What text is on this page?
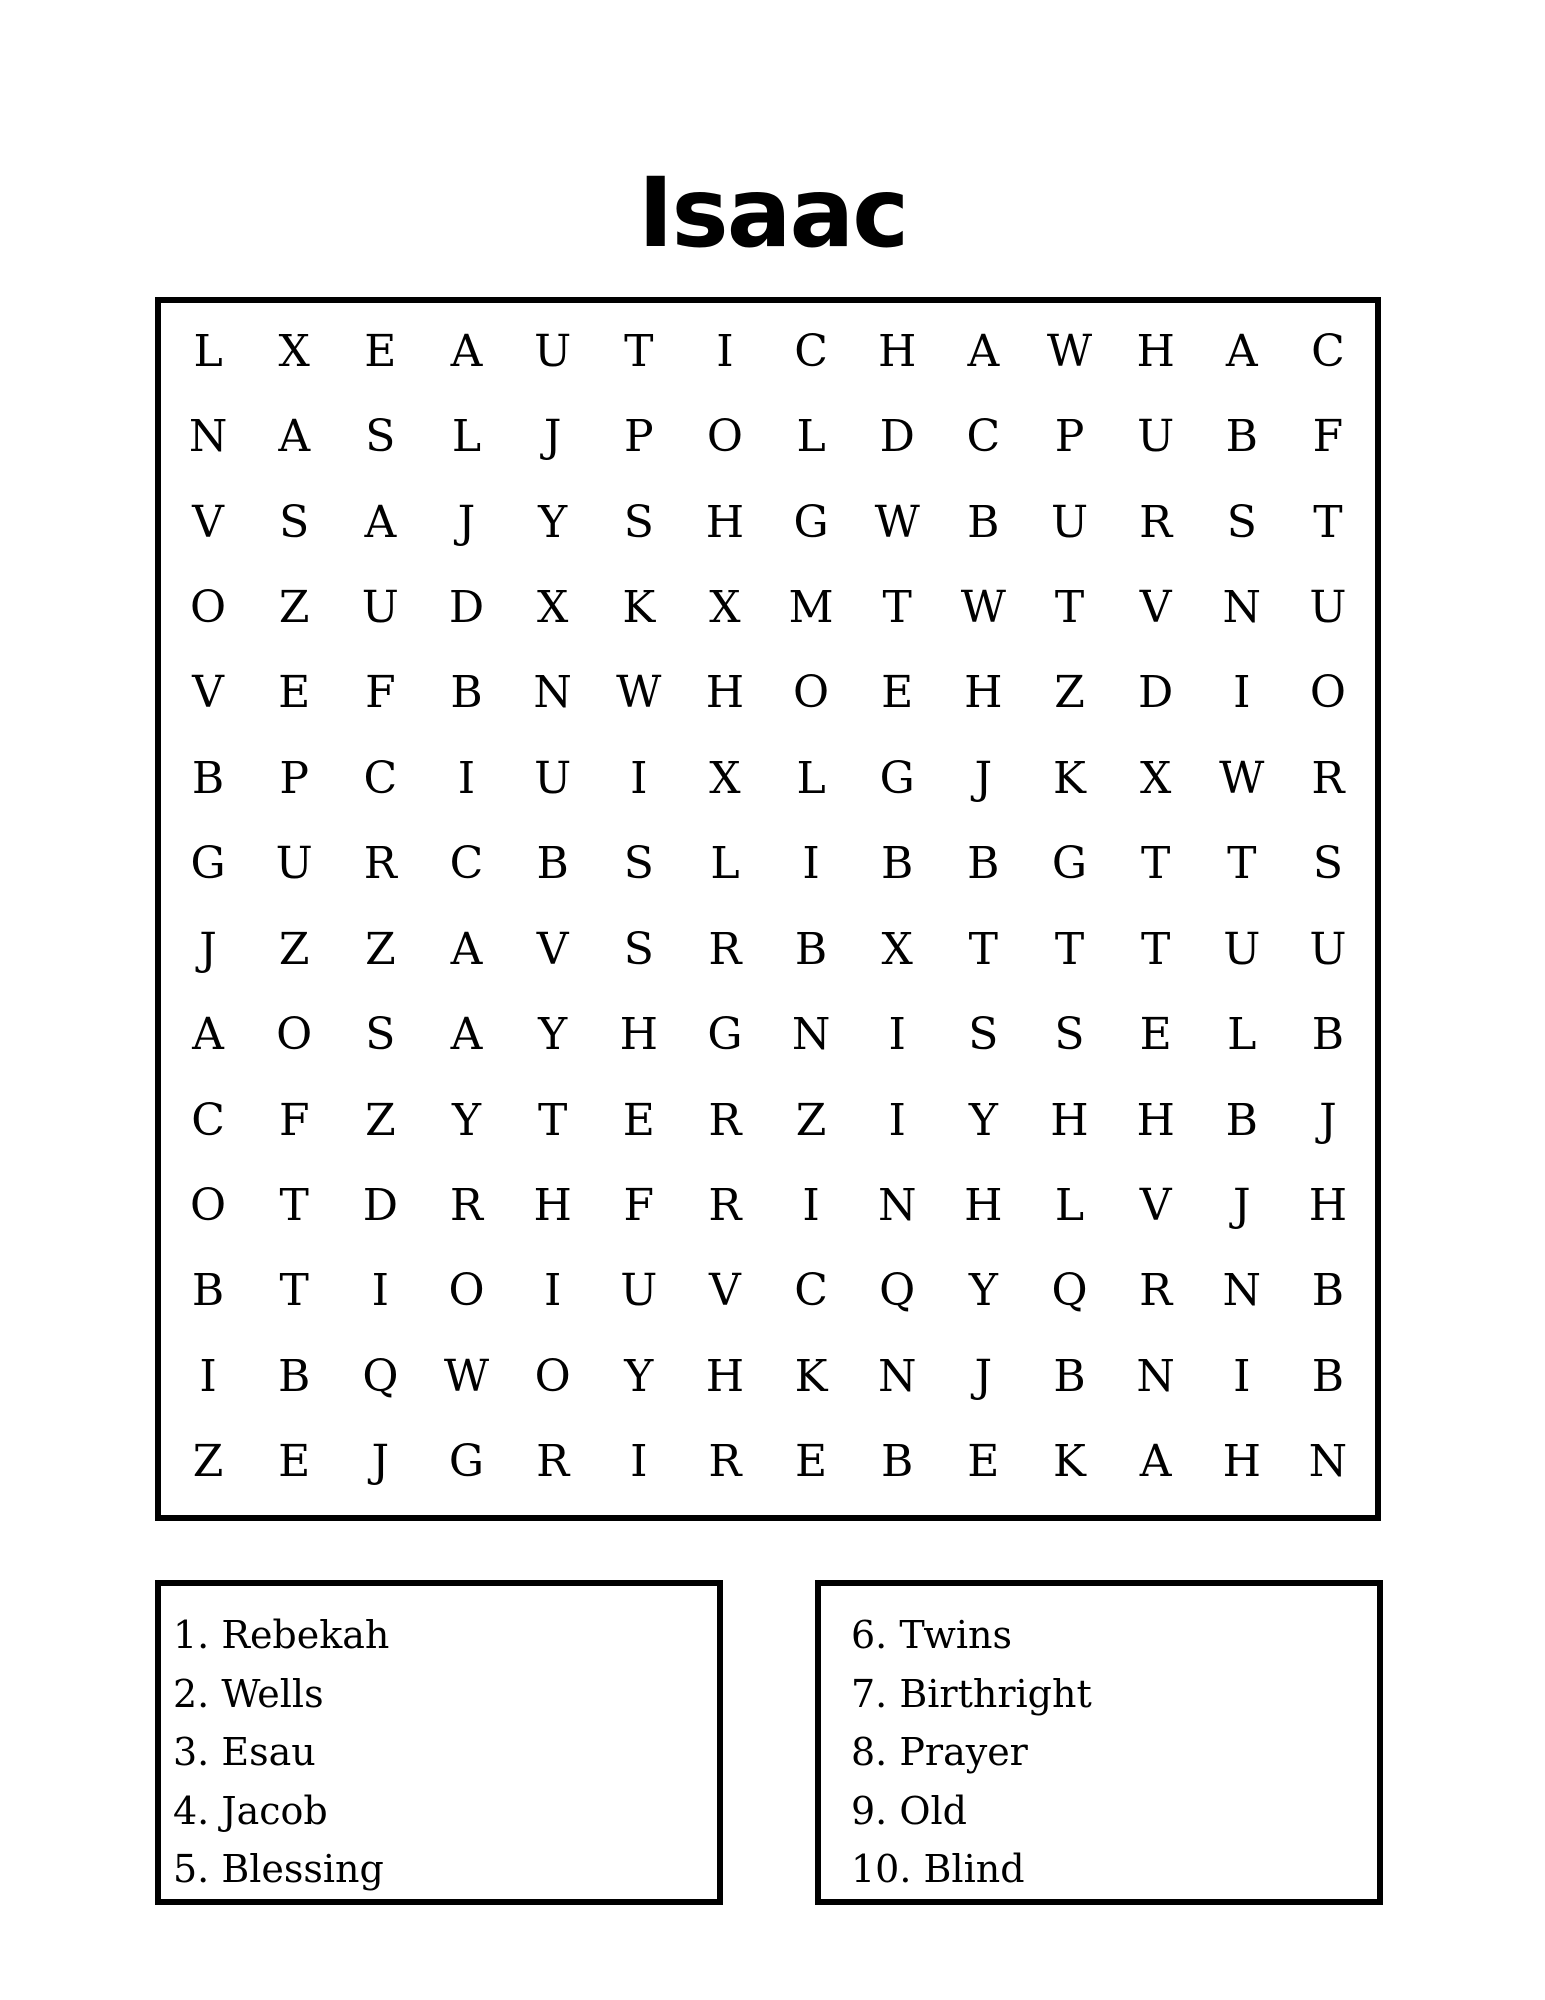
Isaac
L	X	E	A	U	T	I	C	H	A	W	H	A	C
N	A	S	L	J	P	O	L	D	C	P	U	B	F
V	S	A	J	Y	S	H	G	W	B	U	R	S	T
O	Z	U	D	X	K	X	M	T	W	T	V	N	U
V	E	F	B	N	W	H	O	E	H	Z	D	I	O
B	P	C	I	U	I	X	L	G	J	K	X	W	R
G	U	R	C	B	S	L	I	B	B	G	T	T	S
J	Z	Z	A	V	S	R	B	X	T	T	T	U	U
A	O	S	A	Y	H	G	N	I	S	S	E	L	B
C	F	Z	Y	T	E	R	Z	I	Y	H	H	B	J
O	T	D	R	H	F	R	I	N	H	L	V	J	H
B	T	I	O	I	U	V	C	Q	Y	Q	R	N	B
I	B	Q	W	O	Y	H	K	N	J	B	N	I	B
Z	E	J	G	R	I	R	E	B	E	K	A	H	N
1. Rebekah
2. Wells
3. Esau
4. Jacob
5. Blessing
6. Twins
7. Birthright
8. Prayer
9. Old
10. Blind
